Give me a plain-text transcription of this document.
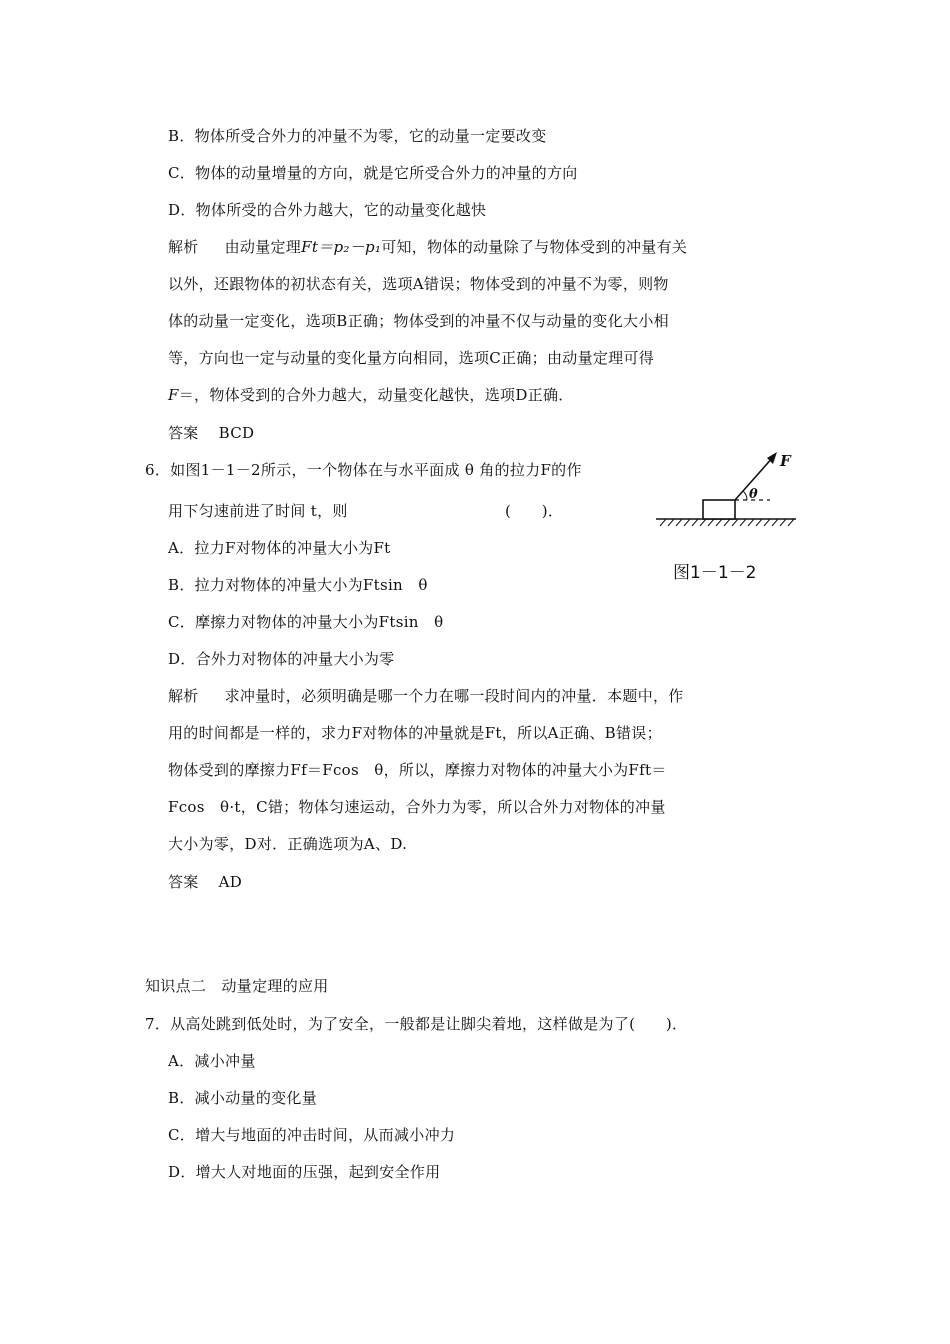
B．物体所受合外力的冲量不为零，它的动量一定要改变
C．物体的动量增量的方向，就是它所受合外力的冲量的方向
D．物体所受的合外力越大，它的动量变化越快
解析 由动量定理Ft＝p₂－p₁可知，物体的动量除了与物体受到的冲量有关
以外，还跟物体的初状态有关，选项A错误；物体受到的冲量不为零，则物
体的动量一定变化，选项B正确；物体受到的冲量不仅与动量的变化大小相
等，方向也一定与动量的变化量方向相同，选项C正确；由动量定理可得
F＝，物体受到的合外力越大，动量变化越快，选项D正确．
答案 BCD
6．如图1－1－2所示，一个物体在与水平面成 θ 角的拉力F的作
用下匀速前进了时间 t，则	(　　)．
A．拉力F对物体的冲量大小为Ft
B．拉力对物体的冲量大小为Ftsin　θ
C．摩擦力对物体的冲量大小为Ftsin　θ
D．合外力对物体的冲量大小为零
解析 求冲量时，必须明确是哪一个力在哪一段时间内的冲量．本题中，作
用的时间都是一样的，求力F对物体的冲量就是Ft，所以A正确、B错误；
物体受到的摩擦力Ff＝Fcos　θ，所以，摩擦力对物体的冲量大小为Fft＝
Fcos　θ·t，C错；物体匀速运动，合外力为零，所以合外力对物体的冲量
大小为零，D对．正确选项为A、D.
答案 AD
F
θ
图1－1－2
知识点二　动量定理的应用
7．从高处跳到低处时，为了安全，一般都是让脚尖着地，这样做是为了(　　)．
A．减小冲量
B．减小动量的变化量
C．增大与地面的冲击时间，从而减小冲力
D．增大人对地面的压强，起到安全作用
